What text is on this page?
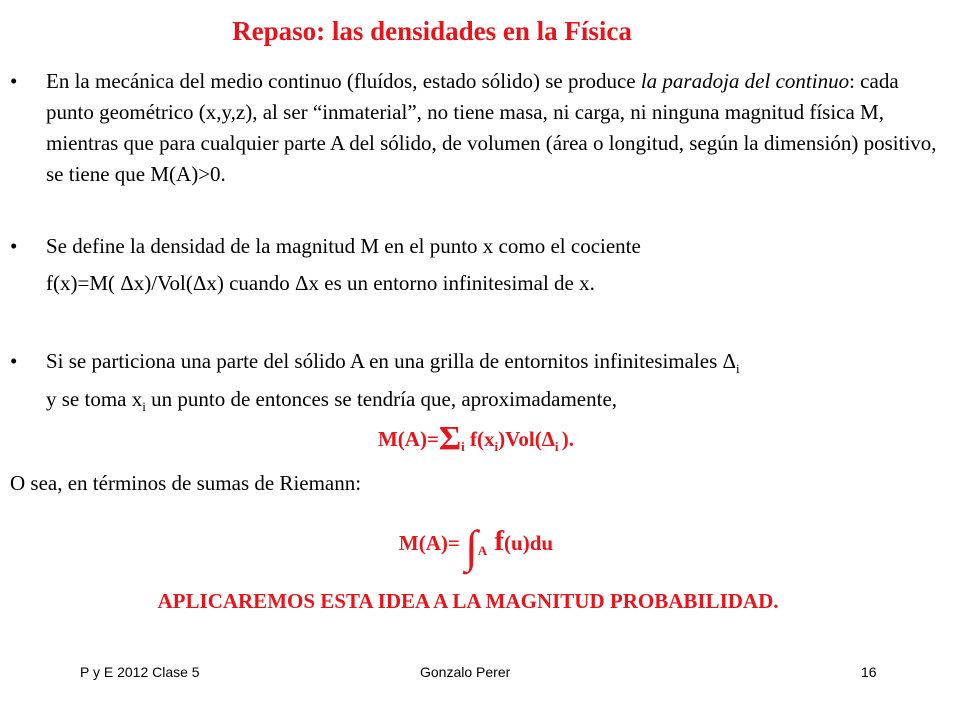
Repaso: las densidades en la Física
•	En la mecánica del medio continuo (fluídos, estado sólido) se produce la paradoja del continuo: cada punto geométrico (x,y,z), al ser “inmaterial”, no tiene masa, ni carga, ni ninguna magnitud física M, mientras que para cualquier parte A del sólido, de volumen (área o longitud, según la dimensión) positivo, se tiene que M(A)>0.
•	Se define la densidad de la magnitud M en el punto x como el cociente
f(x)=M( Δx)/Vol(Δx) cuando Δx es un entorno infinitesimal de x.
•	Si se particiona una parte del sólido A en una grilla de entornitos infinitesimales $\Delta_i$
y se toma $x_i$ un punto de entonces se tendría que, aproximadamente,
$M(A)=\Sigma_i$ $f(x_i)Vol(\Delta_i$ ).
O sea, en términos de sumas de Riemann:
$M(A)= \int_A$ f(u)du
APLICAREMOS ESTA IDEA A LA MAGNITUD PROBABILIDAD.
P y E 2012 Clase 5	Gonzalo Perer	16
